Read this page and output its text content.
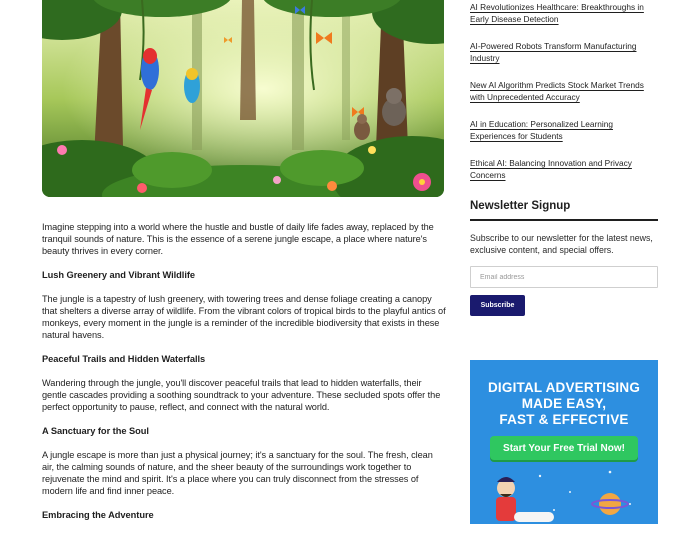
Imagine stepping into a world where the hustle and bustle of daily life fades away, replaced by the tranquil sounds of nature. This is the essence of a serene jungle escape, a place where nature's beauty thrives in every corner.

Lush Greenery and Vibrant Wildlife

The jungle is a tapestry of lush greenery, with towering trees and dense foliage creating a canopy that shelters a diverse array of wildlife. From the vibrant colors of tropical birds to the playful antics of monkeys, every moment in the jungle is a reminder of the incredible biodiversity that exists in these natural havens.

Peaceful Trails and Hidden Waterfalls

Wandering through the jungle, you'll discover peaceful trails that lead to hidden waterfalls, their gentle cascades providing a soothing soundtrack to your adventure. These secluded spots offer the perfect opportunity to pause, reflect, and connect with the natural world.

A Sanctuary for the Soul

A jungle escape is more than just a physical journey; it's a sanctuary for the soul. The fresh, clean air, the calming sounds of nature, and the sheer beauty of the surroundings work together to rejuvenate the mind and spirit. It's a place where you can truly disconnect from the stresses of modern life and find inner peace.

Embracing the Adventure
AI Revolutionizes Healthcare: Breakthroughs in Early Disease Detection
AI-Powered Robots Transform Manufacturing Industry
New AI Algorithm Predicts Stock Market Trends with Unprecedented Accuracy
AI in Education: Personalized Learning Experiences for Students
Ethical AI: Balancing Innovation and Privacy Concerns
Newsletter Signup
Subscribe to our newsletter for the latest news, exclusive content, and special offers.
Email address
Subscribe
DIGITAL ADVERTISING
MADE EASY,
FAST & EFFECTIVE
Start Your Free Trial Now!
